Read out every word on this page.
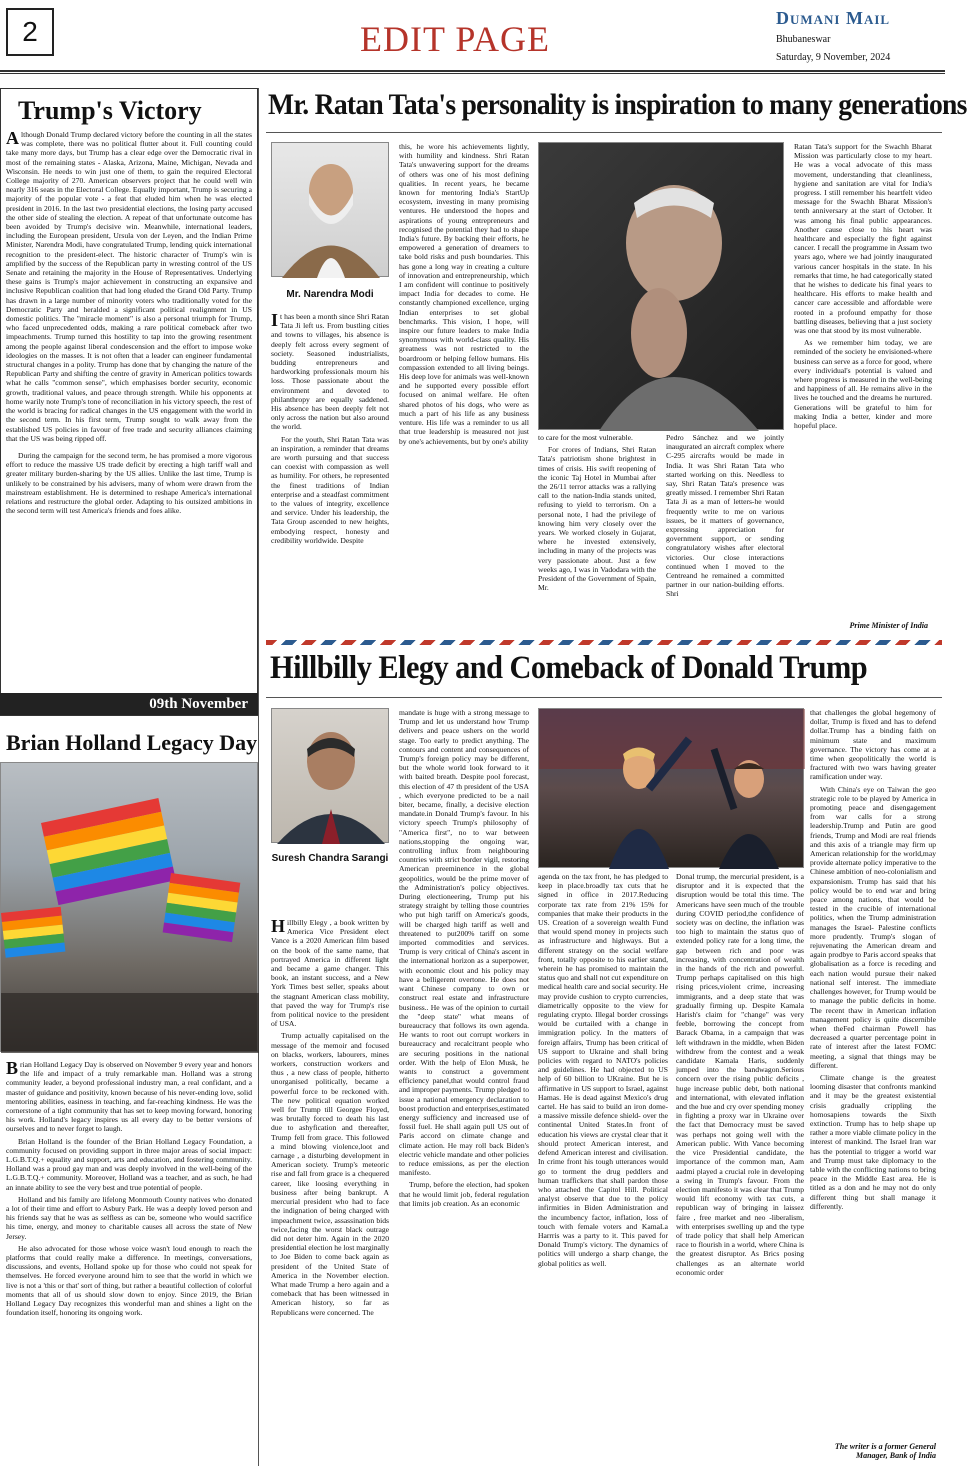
2	EDIT PAGE
Dumani Mail
Bhubaneswar
Saturday, 9 November, 2024
Trump's Victory

Although Donald Trump declared victory before the counting in all the states was complete, there was no political flutter about it. Full counting could take many more days, but Trump has a clear edge over the Democratic rival in most of the remaining states - Alaska, Arizona, Maine, Michigan, Nevada and Wisconsin. He needs to win just one of them, to gain the required Electoral College majority of 270. American observers project that he could well win nearly 316 seats in the Electoral College. Equally important, Trump is securing a majority of the popular vote - a feat that eluded him when he was elected president in 2016. In the last two presidential elections, the losing party accused the other side of stealing the election. A repeat of that unfortunate outcome has been avoided by Trump's decisive win. Meanwhile, international leaders, including the European president, Ursula von der Leyen, and the Indian Prime Minister, Narendra Modi, have congratulated Trump, lending quick international recognition to the president-elect. The historic character of Trump's win is amplified by the success of the Republican party in wresting control of the US Senate and retaining the majority in the House of Representatives. Underlying these gains is Trump's major achievement in constructing an expansive and inclusive Republican coalition that had long eluded the Grand Old Party. Trump has drawn in a large number of minority voters who traditionally voted for the Democratic Party and heralded a significant political realignment in US domestic politics. The "miracle moment" is also a personal triumph for Trump, who faced unprecedented odds, making a rare political comeback after two impeachments. Trump turned this hostility to tap into the growing resentment among the people against liberal condescension and the effort to impose woke ideologies on the masses. It is not often that a leader can engineer fundamental structural changes in a polity. Trump has done that by changing the nature of the Republican Party and shifting the centre of gravity in American politics towards what he calls "common sense", which emphasises border security, economic growth, traditional values, and peace through strength. While his opponents at home warily note Trump's tone of reconciliation in his victory speech, the rest of the world is bracing for radical changes in the US engagement with the world in the second term. In his first term, Trump sought to walk away from the established US policies in favour of free trade and security alliances claiming that the US was being ripped off.

During the campaign for the second term, he has promised a more vigorous effort to reduce the massive US trade deficit by erecting a high tariff wall and greater military burden-sharing by the US allies. Unlike the last time, Trump is unlikely to be constrained by his advisers, many of whom were drawn from the mainstream establishment. He is determined to reshape America's international relations and restructure the global order. Adapting to his outsized ambitions in the second term will test America's friends and foes alike.

09th November
Brian Holland Legacy Day

Brian Holland Legacy Day is observed on November 9 every year and honors the life and impact of a truly remarkable man. Holland was a strong community leader, a beyond professional industry man, a real confidant, and a master of guidance and positivity, known because of his never-ending love, solid mentoring abilities, easiness in teaching, and far-reaching kindness. He was the cornerstone of a tight community that has set to keep moving forward, honoring his work. Holland's legacy inspires us all every day to be better versions of ourselves and to never forget to laugh.

Brian Holland is the founder of the Brian Holland Legacy Foundation, a community focused on providing support in three major areas of social impact: L.G.B.T.Q.+ equality and support, arts and education, and fostering community. Holland was a proud gay man and was deeply involved in the well-being of the L.G.B.T.Q.+ community. Moreover, Holland was a teacher, and as such, he had an innate ability to see the very best and true potential of people.

Holland and his family are lifelong Monmouth County natives who donated a lot of their time and effort to Asbury Park. He was a deeply loved person and his friends say that he was as selfless as can be, someone who would sacrifice his time, energy, and money to charitable causes all across the state of New Jersey.

He also advocated for those whose voice wasn't loud enough to reach the platforms that could really make a difference. In meetings, conversations, discussions, and events, Holland spoke up for those who could not speak for themselves. He forced everyone around him to see that the world in which we live is not a 'this or that' sort of thing, but rather a beautiful collection of colorful moments that all of us should slow down to enjoy. Since 2019, the Brian Holland Legacy Day recognizes this wonderful man and shines a light on the foundation itself, honoring its ongoing work.

Mr. Ratan Tata's personality is inspiration to many generations
Mr. Narendra Modi

It has been a month since Shri Ratan Tata Ji left us. From bustling cities and towns to villages, his absence is deeply felt across every segment of society. Seasoned industrialists, budding entrepreneurs and hardworking professionals mourn his loss. Those passionate about the environment and devoted to philanthropy are equally saddened. His absence has been deeply felt not only across the nation but also around the world.

For the youth, Shri Ratan Tata was an inspiration, a reminder that dreams are worth pursuing and that success can coexist with compassion as well as humility. For others, he represented the finest traditions of Indian enterprise and a steadfast commitment to the values of integrity, excellence and service. Under his leadership, the Tata Group ascended to new heights, embodying respect, honesty and credibility worldwide. Despite

this, he wore his achievements lightly, with humility and kindness. Shri Ratan Tata's unwavering support for the dreams of others was one of his most defining qualities. In recent years, he became known for mentoring India's StartUp ecosystem, investing in many promising ventures. He understood the hopes and aspirations of young entrepreneurs and recognised the potential they had to shape India's future. By backing their efforts, he empowered a generation of dreamers to take bold risks and push boundaries. This has gone a long way in creating a culture of innovation and entrepreneurship, which I am confident will continue to positively impact India for decades to come. He constantly championed excellence, urging Indian enterprises to set global benchmarks. This vision, I hope, will inspire our future leaders to make India synonymous with world-class quality. His greatness was not restricted to the boardroom or helping fellow humans. His compassion extended to all living beings. His deep love for animals was well-known and he supported every possible effort focused on animal welfare. He often shared photos of his dogs, who were as much a part of his life as any business venture. His life was a reminder to us all that true leadership is measured not just by one's achievements, but by one's ability to care for the most vulnerable.

For crores of Indians, Shri Ratan Tata's patriotism shone brightest in times of crisis. His swift reopening of the iconic Taj Hotel in Mumbai after the 26/11 terror attacks was a rallying call to the nation-India stands united, refusing to yield to terrorism. On a personal note, I had the privilege of knowing him very closely over the years. We worked closely in Gujarat, where he invested extensively, including in many of the projects was very passionate about. Just a few weeks ago, I was in Vadodara with the President of the Government of Spain, Mr.

Pedro Sánchez and we jointly inaugurated an aircraft complex where C-295 aircrafts would be made in India. It was Shri Ratan Tata who started working on this. Needless to say, Shri Ratan Tata's presence was greatly missed. I remember Shri Ratan Tata Ji as a man of letters-he would frequently write to me on various issues, be it matters of governance, expressing appreciation for government support, or sending congratulatory wishes after electoral victories. Our close interactions continued when I moved to the Centreand he remained a committed partner in our nation-building efforts. Shri

Ratan Tata's support for the Swachh Bharat Mission was particularly close to my heart. He was a vocal advocate of this mass movement, understanding that cleanliness, hygiene and sanitation are vital for India's progress. I still remember his heartfelt video message for the Swachh Bharat Mission's tenth anniversary at the start of October. It was among his final public appearances. Another cause close to his heart was healthcare and especially the fight against cancer. I recall the programme in Assam two years ago, where we had jointly inaugurated various cancer hospitals in the state. In his remarks that time, he had categorically stated that he wishes to dedicate his final years to healthcare. His efforts to make health and cancer care accessible and affordable were rooted in a profound empathy for those battling diseases, believing that a just society was one that stood by its most vulnerable.

As we remember him today, we are reminded of the society he envisioned-where business can serve as a force for good, where every individual's potential is valued and where progress is measured in the well-being and happiness of all. He remains alive in the lives he touched and the dreams he nurtured. Generations will be grateful to him for making India a better, kinder and more hopeful place.

Prime Minister of India
Hillbilly Elegy and Comeback of Donald Trump
Suresh Chandra Sarangi

Hillbilly Elegy , a book written by America Vice President elect Vance is a 2020 American film based on the book of the same name, that portrayed America in different light and became a game changer. This book, an instant success, and a New York Times best seller, speaks about the stagnant American class mobility, that paved the way for Trump's rise from political novice to the president of USA.

Trump actually capitalised on the message of the memoir and focused on blacks, workers, labourers, mines workers, construction workers and thus , a new class of people, hitherto unorganised politically, became a powerful force to be reckoned with. The new political equation worked well for Trump till Georgee Floyed, was brutally forced to death his last due to ashyfication and thereafter, Trump fell from grace. This followed a mind blowing violence,loot and carnage , a disturbing development in American society. Trump's meteoric rise and fall from grace is a chequered career, like loosing everything in business after being bankrupt. A mercurial president who had to face the indignation of being charged with impeachment twice, assassination bids twice,facing the worst black outrage did not deter him. Again in the 2020 presidential election he lost marginally to Joe Biden to come back again as president of the United State of America in the November election. What made Trump a hero again and a comeback that has been witnessed in American history, so far as Republicans were concerned. The

mandate is huge with a strong message to Trump and let us understand how Trump delivers and peace ushers on the world stage. Too early to predict anything. The contours and content and consequences of Trump's foreign policy may be different, but the whole world look forward to it with baited breath. Despite pool forecast, this election of 47 th president of the USA , which everyone predicted to be a nail biter, became, finally, a decisive election mandate.in Donald Trump's favour. In his victory speech Trump's philosophy of "America first", no to war between nations,stopping the ongoing war, controlling influx from neighbouring countries with strict border vigil, restoring American preeminence in the global geopolitics, would be the prime mover of the Administration's policy objectives. During electioneering, Trump put his strategy straight by telling those countries who put high tariff on America's goods, will be charged high tariff as well and threatened to put200% tariff on some imported commodities and services. Trump is very critical of China's ascent in the international horizon as a superpower, with economic clout and his policy may have a belligerent overtone. He does not want Chinese company to own or construct real estate and infrastructure business.. He was of the opinion to curtail the "deep state" what means of bureaucracy that follows its own agenda. He wants to root out corrupt workers in bureaucracy and recalcitrant people who are securing positions in the national order. With the help of Elon Musk, he wants to construct a government efficiency panel,that would control fraud and improper payments. Trump pledged to issue a national emergency declaration to boost production and enterprises,estimated energy sufficiency and increased use of fossil fuel. He shall again pull US out of Paris accord on climate change and climate action. He may roll back Biden's electric vehicle mandate and other policies to reduce emissions, as per the election manifesto.

Trump, before the election, had spoken that he would limit job, federal regulation that limits job creation. As an economic

agenda on the tax front, he has pledged to keep in place.broadly tax cuts that he signed in office in 2017.Reducing corporate tax rate from 21% 15% for companies that make their products in the US. Creation of a sovereign wealth Fund that would spend money in projects such as infrastructure and highways. But a different strategy on the social welfare front, totally opposite to his earlier stand, wherein he has promised to maintain the status quo and shall not cut expenditure on medical health care and social security. He may provide cushion to crypto currencies, diametrically opposite to the view for regulating crypto. Illegal border crossings would be curtailed with a change in immigration policy. In the matters of foreign affairs, Trump has been critical of US support to Ukraine and shall bring policies with regard to NATO's policies and guidelines. He had objected to US help of 60 billion to UKraine. But he is affirmative in US support to Israel, against Hamas. He is dead against Mexico's drug cartel. He has said to build an iron dome- a massive missile defence shield- over the continental United States.In front of education his views are crystal clear that it should protect American interest, and defend American interest and civilisation. In crime front his tough utterances would go to torment the drug peddlers and human traffickers that shall pardon those who attached the Capitol Hill. Political analyst observe that due to the policy infirmities in Biden Administration and the incumbency factor, inflation, loss of touch with female voters and KamaLa Harrris was a party to it. This paved for Donald Trump's victory. The dynamics of politics will undergo a sharp change, the global politics as well.

Donal trump, the mercurial president, is a disruptor and it is expected that the disruption would be total this time. The Americans have seen much of the trouble during COVID period,the confidence of society was on decline, the inflation was too high to maintain the status quo of extended policy rate for a long time, the gap between rich and poor was increasing, with concentration of wealth in the hands of the rich and powerful. Trump perhaps capitalised on this high rising prices,violent crime, increasing immigrants, and a deep state that was gradually firming up. Despite Kamala Harish's claim for "change" was very feeble, borrowing the concept from Barack Obama, in a campaign that was left withdrawn in the middle, when Biden withdrew from the contest and a weak candidate Kamala Haris, suddenly jumped into the bandwagon.Serious concern over the rising public deficits , huge increase public debt, both national and international, with elevated inflation and the hue and cry over spending money in fighting a proxy war in Ukraine over the fact that Democracy must be saved was perhaps not going well with the American public. With Vance becoming the vice Presidential candidate, the importance of the common man, Aam aadmi played a crucial role in developing a swing in Trump's favour. From the election manifesto it was clear that Trump would lift economy with tax cuts, a republican way of bringing in laissez faire , free market and neo -liberalism, with enterprises swelling up and the type of trade policy that shall help American race to flourish in a world, where China is the greatest disruptor. As Brics posing challenges as an alternate world economic order

that challenges the global hegemony of dollar, Trump is fixed and has to defend dollar.Trump has a binding faith on minimum state and maximum governance. The victory has come at a time when geopolitically the world is fractured with two wars having greater ramification under way.

With China's eye on Taiwan the geo strategic role to be played by America in promoting peace and disengagement from war calls for a strong leadership.Trump and Putin are good friends, Trump and Modi are real friends and this axis of a triangle may firm up American relationship for the world,may provide alternate policy imperative to the Chinese ambition of neo-colonialism and expansionism. Trump has said that his policy would be to end war and bring peace among nations, that would be tested in the crucible of international politics, when the Trump administration manages the Israel- Palestine conflicts more prudently. Trump's slogan of rejuvenating the American dream and again prodbye to Paris accord speaks that globalisation as a force is receding and each nation would pursue their naked national self interest. The immediate challenges however, for Trump would be to manage the public deficits in home. The recent thaw in American inflation management policy is quite discernible when theFed chairman Powell has decreased a quarter percentage point in rate of interest after the latest FOMC meeting, a signal that things may be different.

Climate change is the greatest looming disaster that confronts mankind and it may be the greatest existential crisis gradually crippling the homosapiens towards the Sixth extinction. Trump has to help shape up rather a more viable climate policy in the interest of mankind. The Israel Iran war has the potential to trigger a world war and Trump must take diplomacy to the table with the conflicting nations to bring peace in the Middle East area. He is titled as a don and he may not do only different thing but shall manage it differently.

The writer is a former General Manager, Bank of India
